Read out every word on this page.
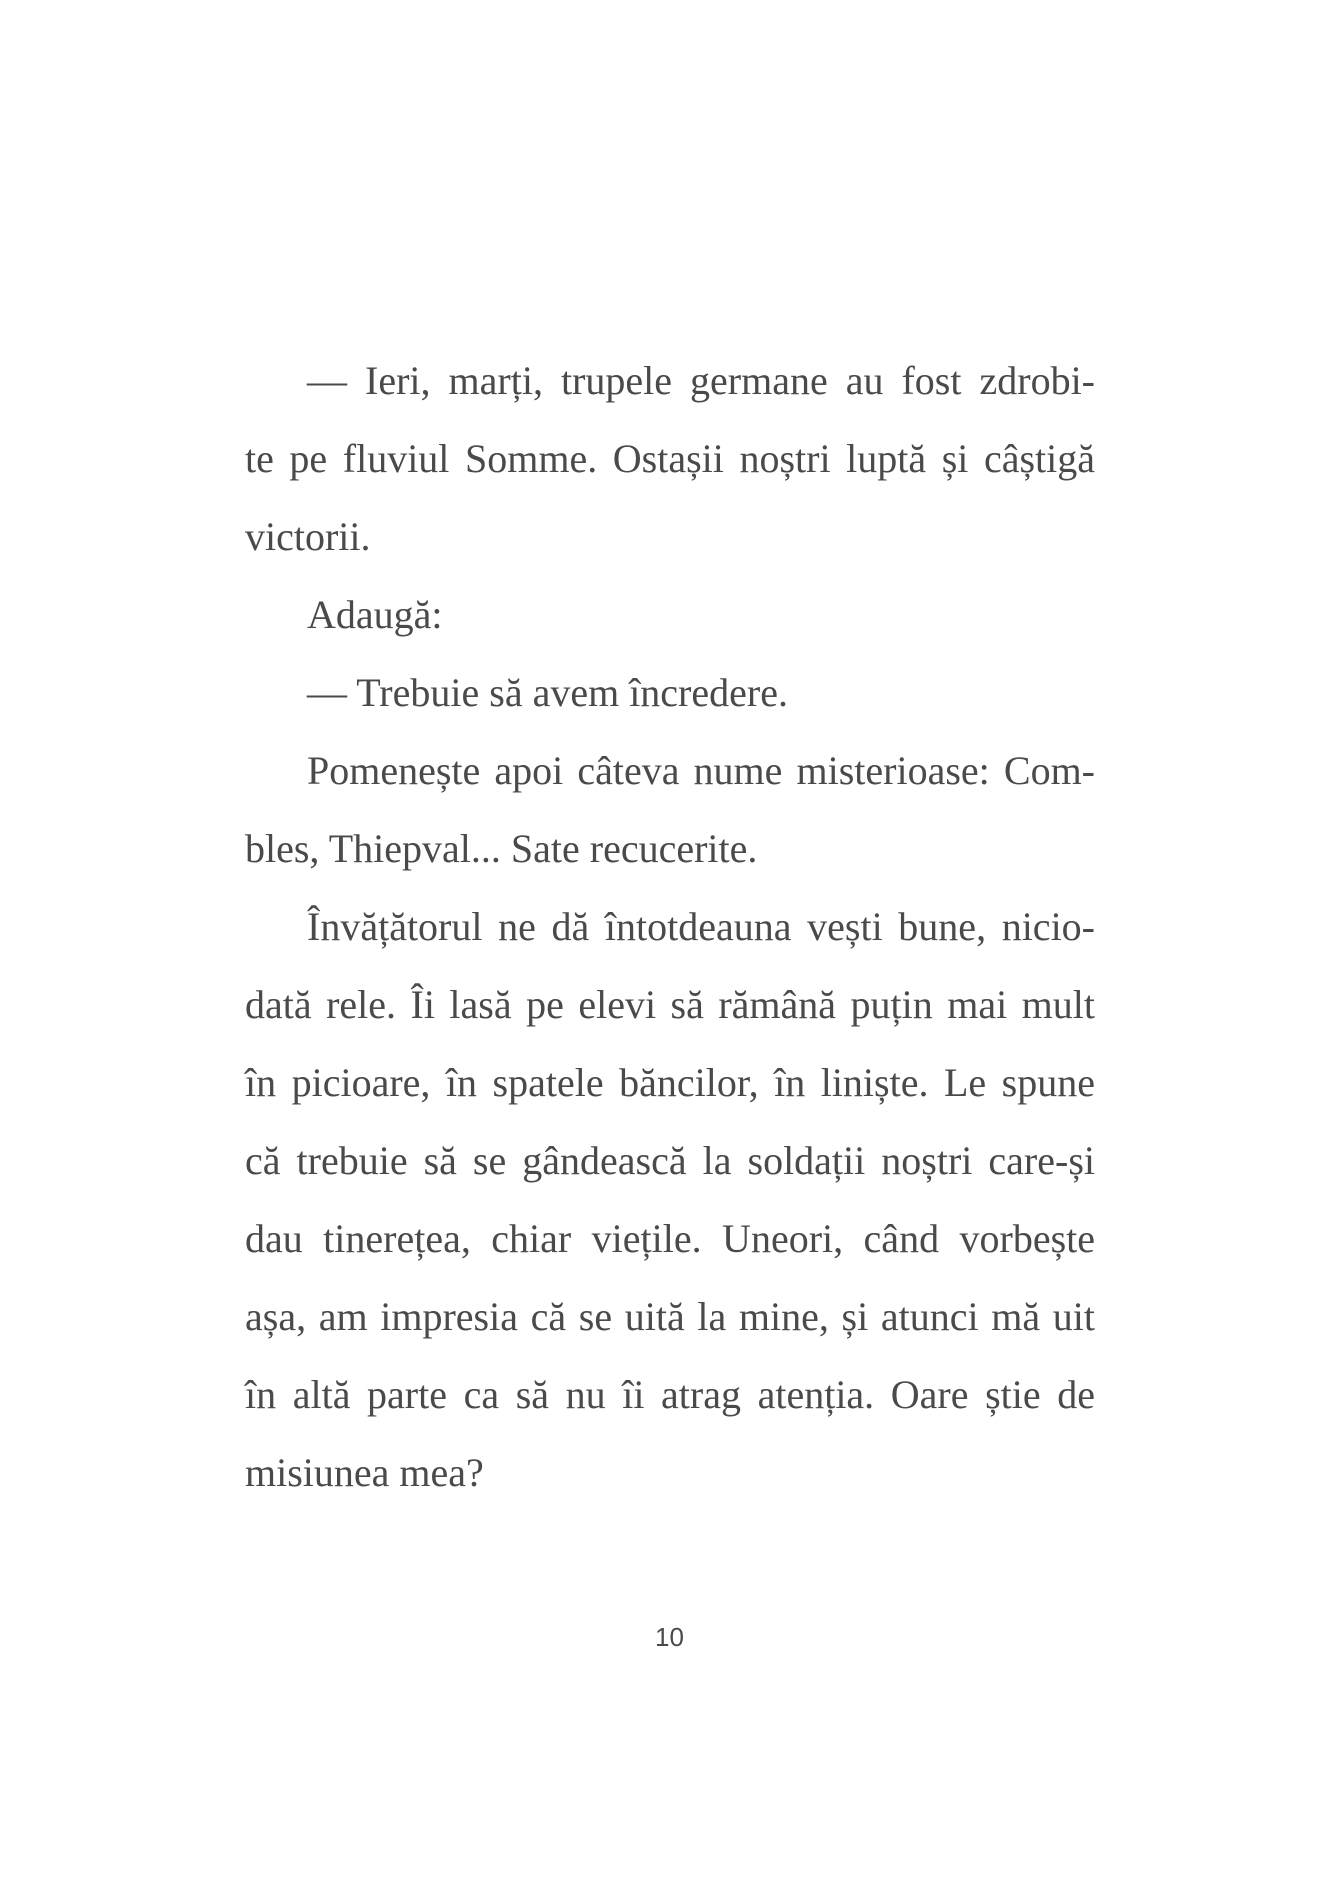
— Ieri, marți, trupele germane au fost zdrobi-
te pe fluviul Somme. Ostașii noștri luptă și câștigă
victorii.
Adaugă:
— Trebuie să avem încredere.
Pomenește apoi câteva nume misterioase: Com-
bles, Thiepval... Sate recucerite.
Învățătorul ne dă întotdeauna vești bune, nicio-
dată rele. Îi lasă pe elevi să rămână puțin mai mult
în picioare, în spatele băncilor, în liniște. Le spune
că trebuie să se gândească la soldații noștri care-și
dau tinerețea, chiar viețile. Uneori, când vorbește
așa, am impresia că se uită la mine, și atunci mă uit
în altă parte ca să nu îi atrag atenția. Oare știe de
misiunea mea?
10
